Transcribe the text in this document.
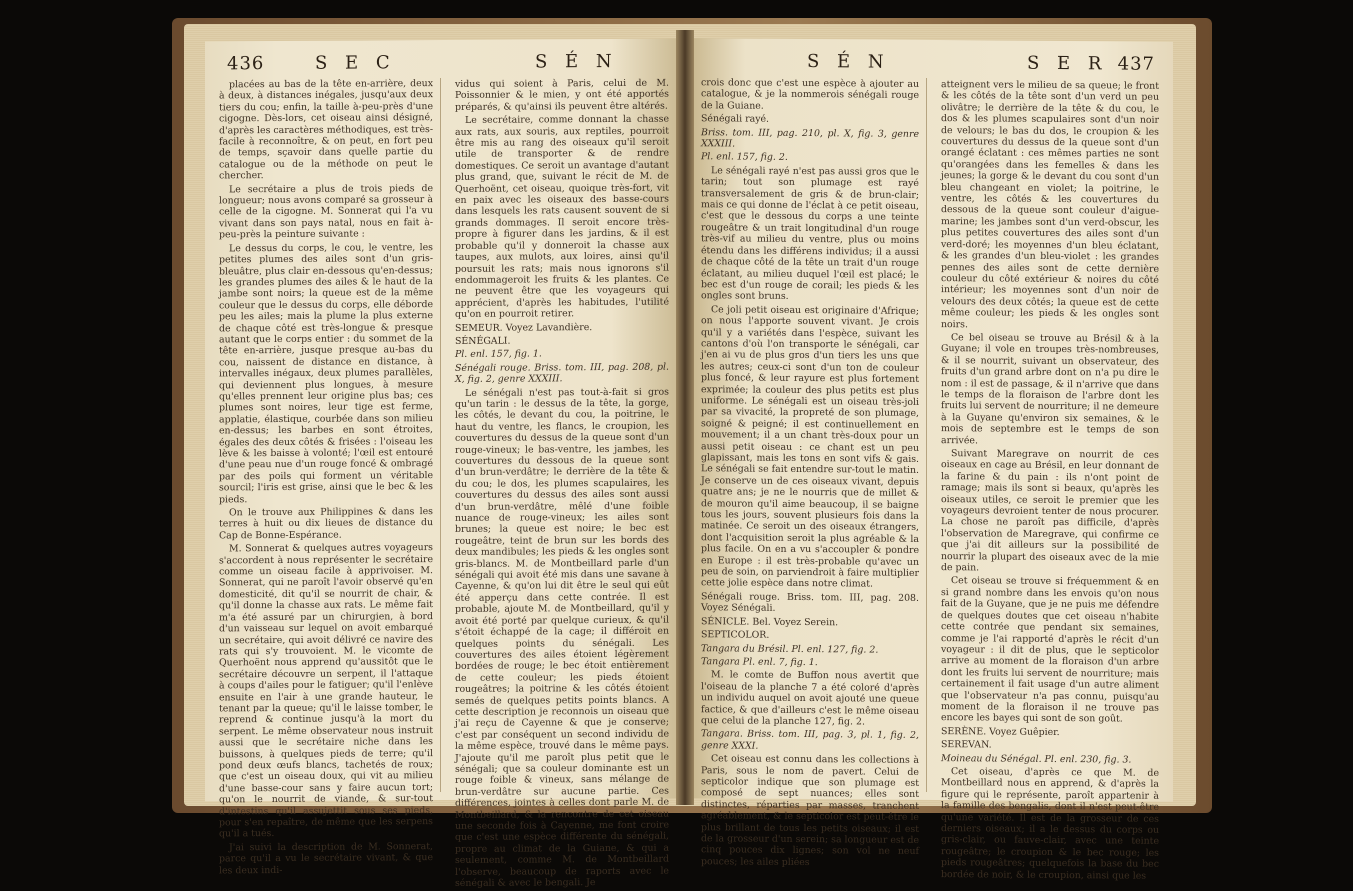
436	S E C	S É N

placées au bas de la tête en-arrière, deux à deux, à distances inégales, jusqu'aux deux tiers du cou; enfin, la taille à-peu-près d'une cigogne. Dès-lors, cet oiseau ainsi désigné, d'après les caractères méthodiques, est très-facile à reconnoître, & on peut, en fort peu de temps, sçavoir dans quelle partie du catalogue ou de la méthode on peut le chercher.

Le secrétaire a plus de trois pieds de longueur; nous avons comparé sa grosseur à celle de la cigogne. M. Sonnerat qui l'a vu vivant dans son pays natal, nous en fait à-peu-près la peinture suivante :

Le dessus du corps, le cou, le ventre, les petites plumes des ailes sont d'un gris-bleuâtre, plus clair en-dessous qu'en-dessus; les grandes plumes des ailes & le haut de la jambe sont noirs; la queue est de la même couleur que le dessus du corps, elle déborde peu les ailes; mais la plume la plus externe de chaque côté est très-longue & presque autant que le corps entier : du sommet de la tête en-arrière, jusque presque au-bas du cou, naissent de distance en distance, à intervalles inégaux, deux plumes parallèles, qui deviennent plus longues, à mesure qu'elles prennent leur origine plus bas; ces plumes sont noires, leur tige est ferme, applatie, élastique, courbée dans son milieu en-dessus; les barbes en sont étroites, égales des deux côtés & frisées : l'oiseau les lève & les baisse à volonté; l'œil est entouré d'une peau nue d'un rouge foncé & ombragé par des poils qui forment un véritable sourcil; l'iris est grise, ainsi que le bec & les pieds.

On le trouve aux Philippines & dans les terres à huit ou dix lieues de distance du Cap de Bonne-Espérance.

M. Sonnerat & quelques autres voyageurs s'accordent à nous représenter le secrétaire comme un oiseau facile à apprivoiser. M. Sonnerat, qui ne paroît l'avoir observé qu'en domesticité, dit qu'il se nourrit de chair, & qu'il donne la chasse aux rats. Le même fait m'a été assuré par un chirurgien, à bord d'un vaisseau sur lequel on avoit embarqué un secrétaire, qui avoit délivré ce navire des rats qui s'y trouvoient. M. le vicomte de Querhoënt nous apprend qu'aussitôt que le secrétaire découvre un serpent, il l'attaque à coups d'ailes pour le fatiguer; qu'il l'enlève ensuite en l'air à une grande hauteur, le tenant par la queue; qu'il le laisse tomber, le reprend & continue jusqu'à la mort du serpent. Le même observateur nous instruit aussi que le secrétaire niche dans les buissons, à quelques pieds de terre; qu'il pond deux œufs blancs, tachetés de roux; que c'est un oiseau doux, qui vit au milieu d'une basse-cour sans y faire aucun tort; qu'on le nourrit de viande, & sur-tout d'intestins qu'il assujettit sous ses pieds, pour s'en repaître, de même que les serpens qu'il a tués.

J'ai suivi la description de M. Sonnerat, parce qu'il a vu le secrétaire vivant, & que les deux indi-

vidus qui soient à Paris, celui de M. Poissonnier & le mien, y ont été apportés préparés, & qu'ainsi ils peuvent être altérés.

Le secrétaire, comme donnant la chasse aux rats, aux souris, aux reptiles, pourroit être mis au rang des oiseaux qu'il seroit utile de transporter & de rendre domestiques. Ce seroit un avantage d'autant plus grand, que, suivant le récit de M. de Querhoënt, cet oiseau, quoique très-fort, vit en paix avec les oiseaux des basse-cours dans lesquels les rats causent souvent de si grands dommages. Il seroit encore très-propre à figurer dans les jardins, & il est probable qu'il y donneroit la chasse aux taupes, aux mulots, aux loires, ainsi qu'il poursuit les rats; mais nous ignorons s'il endommageroit les fruits & les plantes. Ce ne peuvent être que les voyageurs qui apprécient, d'après les habitudes, l'utilité qu'on en pourroit retirer.

SEMEUR. Voyez Lavandière.

SÉNÉGALI.

Pl. enl. 157, fig. 1.

Sénégali rouge. Briss. tom. III, pag. 208, pl. X, fig. 2, genre XXXIII.

Le sénégali n'est pas tout-à-fait si gros qu'un tarin : le dessus de la tête, la gorge, les côtés, le devant du cou, la poitrine, le haut du ventre, les flancs, le croupion, les couvertures du dessus de la queue sont d'un rouge-vineux; le bas-ventre, les jambes, les couvertures du dessous de la queue sont d'un brun-verdâtre; le derrière de la tête & du cou; le dos, les plumes scapulaires, les couvertures du dessus des ailes sont aussi d'un brun-verdâtre, mêlé d'une foible nuance de rouge-vineux; les ailes sont brunes; la queue est noire; le bec est rougeâtre, teint de brun sur les bords des deux mandibules; les pieds & les ongles sont gris-blancs. M. de Montbeillard parle d'un sénégali qui avoit été mis dans une savane à Cayenne, & qu'on lui dit être le seul qui eût été apperçu dans cette contrée. Il est probable, ajoute M. de Montbeillard, qu'il y avoit été porté par quelque curieux, & qu'il s'étoit échappé de la cage; il différoit en quelques points du sénégali. Les couvertures des ailes étoient légèrement bordées de rouge; le bec étoit entièrement de cette couleur; les pieds étoient rougeâtres; la poitrine & les côtés étoient semés de quelques petits points blancs. A cette description je reconnois un oiseau que j'ai reçu de Cayenne & que je conserve; c'est par conséquent un second individu de la même espèce, trouvé dans le même pays. J'ajoute qu'il me paroît plus petit que le sénégali; que sa couleur dominante est un rouge foible & vineux, sans mélange de brun-verdâtre sur aucune partie. Ces différences, jointes à celles dont parle M. de Montbeillard, & la rencontre de cet oiseau une seconde fois à Cayenne, me font croire que c'est une espèce différente du sénégali, propre au climat de la Guiane, & qui a seulement, comme M. de Montbeillard l'observe, beaucoup de raports avec le sénégali & avec le bengali. Je

S É N	S E R 437

crois donc que c'est une espèce à ajouter au catalogue, & je la nommerois sénégali rouge de la Guiane.

Sénégali rayé.

Briss. tom. III, pag. 210, pl. X, fig. 3, genre XXXIII.

Pl. enl. 157, fig. 2.

Le sénégali rayé n'est pas aussi gros que le tarin; tout son plumage est rayé transversalement de gris & de brun-clair; mais ce qui donne de l'éclat à ce petit oiseau, c'est que le dessous du corps a une teinte rougeâtre & un trait longitudinal d'un rouge très-vif au milieu du ventre, plus ou moins étendu dans les différens individus; il a aussi de chaque côté de la tête un trait d'un rouge éclatant, au milieu duquel l'œil est placé; le bec est d'un rouge de corail; les pieds & les ongles sont bruns.

Ce joli petit oiseau est originaire d'Afrique; on nous l'apporte souvent vivant. Je crois qu'il y a variétés dans l'espèce, suivant les cantons d'où l'on transporte le sénégali, car j'en ai vu de plus gros d'un tiers les uns que les autres; ceux-ci sont d'un ton de couleur plus foncé, & leur rayure est plus fortement exprimée; la couleur des plus petits est plus uniforme. Le sénégali est un oiseau très-joli par sa vivacité, la propreté de son plumage, soigné & peigné; il est continuellement en mouvement; il a un chant très-doux pour un aussi petit oiseau : ce chant est un peu glapissant, mais les tons en sont vifs & gais. Le sénégali se fait entendre sur-tout le matin. Je conserve un de ces oiseaux vivant, depuis quatre ans; je ne le nourris que de millet & de mouron qu'il aime beaucoup, il se baigne tous les jours, souvent plusieurs fois dans la matinée. Ce seroit un des oiseaux étrangers, dont l'acquisition seroit la plus agréable & la plus facile. On en a vu s'accoupler & pondre en Europe : il est très-probable qu'avec un peu de soin, on parviendroit à faire multiplier cette jolie espèce dans notre climat.

Sénégali rouge. Briss. tom. III, pag. 208. Voyez Sénégali.

SÉNICLE. Bel. Voyez Serein.

SEPTICOLOR.

Tangara du Brésil. Pl. enl. 127, fig. 2.

Tangara Pl. enl. 7, fig. 1.

M. le comte de Buffon nous avertit que l'oiseau de la planche 7 a été coloré d'après un individu auquel on avoit ajouté une queue factice, & que d'ailleurs c'est le même oiseau que celui de la planche 127, fig. 2.

Tangara. Briss. tom. III, pag. 3, pl. 1, fig. 2, genre XXXI.

Cet oiseau est connu dans les collections à Paris, sous le nom de pavert. Celui de septicolor indique que son plumage est composé de sept nuances; elles sont distinctes, réparties par masses, tranchent agréablement, & le septicolor est peut-être le plus brillant de tous les petits oiseaux; il est de la grosseur d'un serein; sa longueur est de cinq pouces dix lignes; son vol ne neuf pouces; les ailes pliées

atteignent vers le milieu de sa queue; le front & les côtés de la tête sont d'un verd un peu olivâtre; le derrière de la tête & du cou, le dos & les plumes scapulaires sont d'un noir de velours; le bas du dos, le croupion & les couvertures du dessus de la queue sont d'un orangé éclatant : ces mêmes parties ne sont qu'orangées dans les femelles & dans les jeunes; la gorge & le devant du cou sont d'un bleu changeant en violet; la poitrine, le ventre, les côtés & les couvertures du dessous de la queue sont couleur d'aigue-marine; les jambes sont d'un verd-obscur, les plus petites couvertures des ailes sont d'un verd-doré; les moyennes d'un bleu éclatant, & les grandes d'un bleu-violet : les grandes pennes des ailes sont de cette dernière couleur du côté extérieur & noires du côté intérieur; les moyennes sont d'un noir de velours des deux côtés; la queue est de cette même couleur; les pieds & les ongles sont noirs.

Ce bel oiseau se trouve au Brésil & à la Guyane; il vole en troupes très-nombreuses, & il se nourrit, suivant un observateur, des fruits d'un grand arbre dont on n'a pu dire le nom : il est de passage, & il n'arrive que dans le temps de la floraison de l'arbre dont les fruits lui servent de nourriture; il ne demeure à la Guyane qu'environ six semaines, & le mois de septembre est le temps de son arrivée.

Suivant Maregrave on nourrit de ces oiseaux en cage au Brésil, en leur donnant de la farine & du pain : ils n'ont point de ramage; mais ils sont si beaux, qu'après les oiseaux utiles, ce seroit le premier que les voyageurs devroient tenter de nous procurer. La chose ne paroît pas difficile, d'après l'observation de Maregrave, qui confirme ce que j'ai dit ailleurs sur la possibilité de nourrir la plupart des oiseaux avec de la mie de pain.

Cet oiseau se trouve si fréquemment & en si grand nombre dans les envois qu'on nous fait de la Guyane, que je ne puis me défendre de quelques doutes que cet oiseau n'habite cette contrée que pendant six semaines, comme je l'ai rapporté d'après le récit d'un voyageur : il dit de plus, que le septicolor arrive au moment de la floraison d'un arbre dont les fruits lui servent de nourriture; mais certainement il fait usage d'un autre aliment que l'observateur n'a pas connu, puisqu'au moment de la floraison il ne trouve pas encore les bayes qui sont de son goût.

SERÈNE. Voyez Guêpier.

SEREVAN.

Moineau du Sénégal. Pl. enl. 230, fig. 3.

Cet oiseau, d'après ce que M. de Montbeillard nous en apprend, & d'après la figure qui le représente, paroît appartenir à la famille des bengalis, dont il n'est peut-être qu'une variété. Il est de la grosseur de ces derniers oiseaux; il a le dessus du corps ou gris-clair, ou fauve-clair, avec une teinte rougeâtre; le croupion & le bec rouge; les pieds rougeâtres; quelquefois la base du bec bordée de noir, & le croupion, ainsi que les
